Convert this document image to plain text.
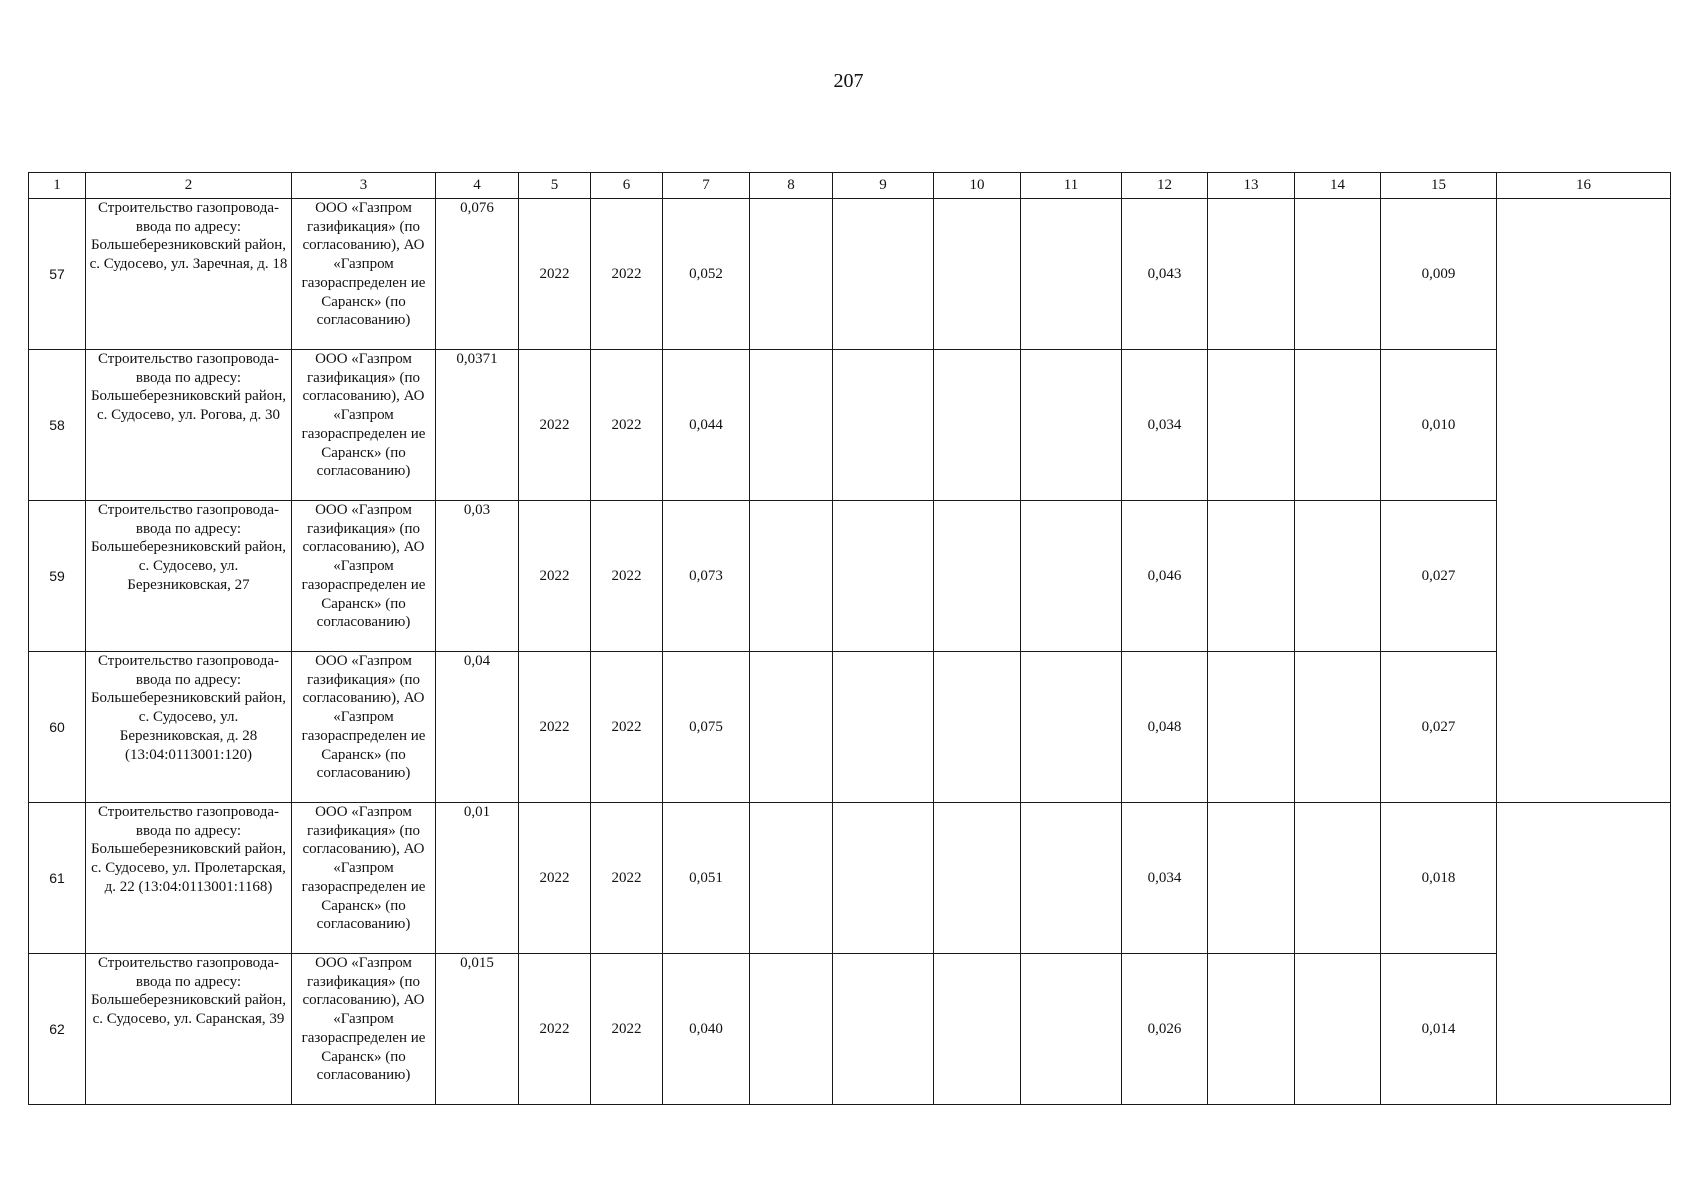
207
1	2	3	4	5	6	7	8	9	10	11	12	13	14	15	16
57	Строительство газопровода-ввода по адресу: Большеберезниковский район, с. Судосево, ул. Заречная, д. 18	ООО «Газпром газификация» (по согласованию), АО «Газпром газораспределен ие Саранск» (по согласованию)	0,076	2022	2022	0,052					0,043			0,009	
58	Строительство газопровода-ввода по адресу: Большеберезниковский район, с. Судосево, ул. Рогова, д. 30	ООО «Газпром газификация» (по согласованию), АО «Газпром газораспределен ие Саранск» (по согласованию)	0,0371	2022	2022	0,044					0,034			0,010	
59	Строительство газопровода-ввода по адресу: Большеберезниковский район, с. Судосево, ул. Березниковская, 27	ООО «Газпром газификация» (по согласованию), АО «Газпром газораспределен ие Саранск» (по согласованию)	0,03	2022	2022	0,073					0,046			0,027	
60	Строительство газопровода-ввода по адресу: Большеберезниковский район, с. Судосево, ул. Березниковская, д. 28 (13:04:0113001:120)	ООО «Газпром газификация» (по согласованию), АО «Газпром газораспределен ие Саранск» (по согласованию)	0,04	2022	2022	0,075					0,048			0,027	
61	Строительство газопровода-ввода по адресу: Большеберезниковский район, с. Судосево, ул. Пролетарская, д. 22 (13:04:0113001:1168)	ООО «Газпром газификация» (по согласованию), АО «Газпром газораспределен ие Саранск» (по согласованию)	0,01	2022	2022	0,051					0,034			0,018	
62	Строительство газопровода-ввода по адресу: Большеберезниковский район, с. Судосево, ул. Саранская, 39	ООО «Газпром газификация» (по согласованию), АО «Газпром газораспределен ие Саранск» (по согласованию)	0,015	2022	2022	0,040					0,026			0,014	
